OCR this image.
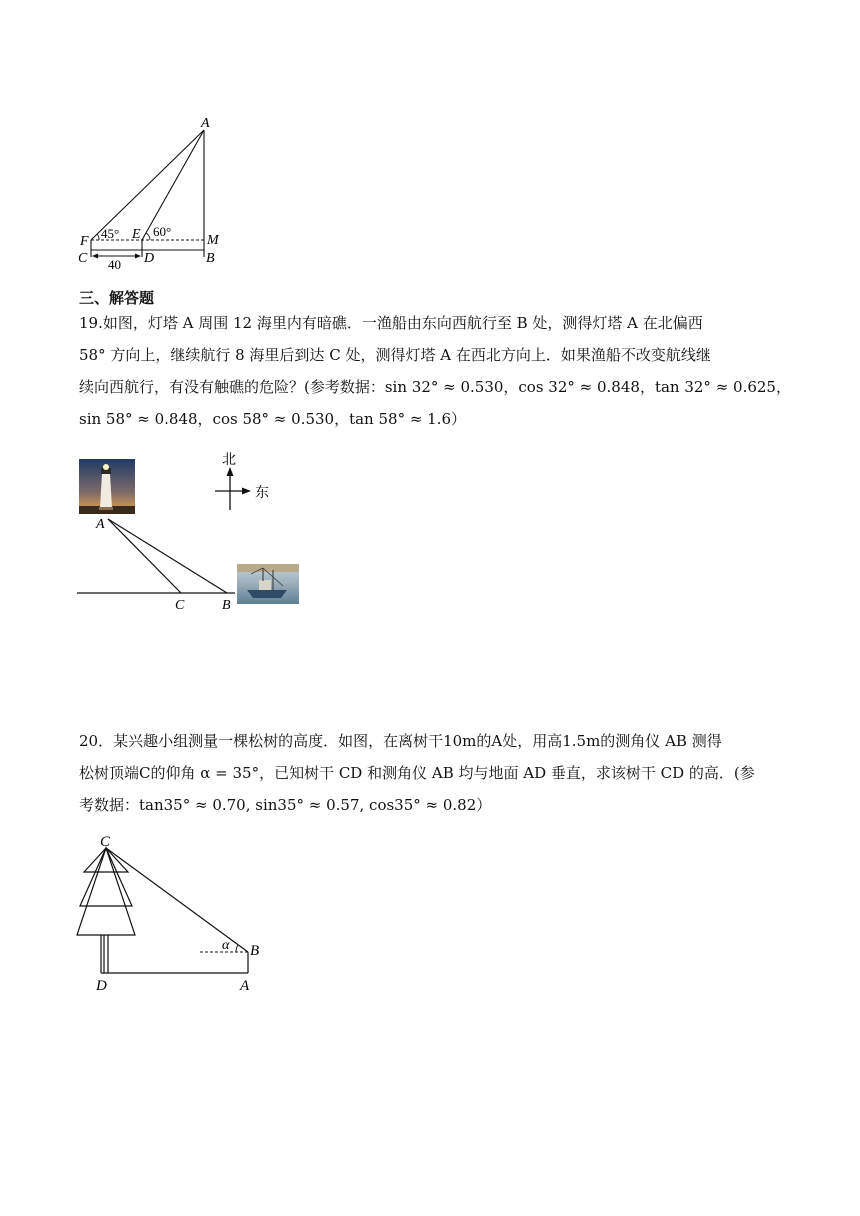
A
F	E	M
C	D	B
45°	60°
40
三、解答题
19.如图，灯塔 A 周围 12 海里内有暗礁．一渔船由东向西航行至 B 处，测得灯塔 A 在北偏西
58° 方向上，继续航行 8 海里后到达 C 处，测得灯塔 A 在西北方向上．如果渔船不改变航线继
续向西航行，有没有触礁的危险？(参考数据：sin 32° ≈ 0.530，cos 32° ≈ 0.848，tan 32° ≈ 0.625，
sin 58° ≈ 0.848，cos 58° ≈ 0.530，tan 58° ≈ 1.6）
北
东
A
C	B
20．某兴趣小组测量一棵松树的高度．如图，在离树干10m的A处，用高1.5m的测角仪 AB 测得
松树顶端C的仰角 α = 35°，已知树干 CD 和测角仪 AB 均与地面 AD 垂直，求该树干 CD 的高．(参
考数据：tan35° ≈ 0.70, sin35° ≈ 0.57, cos35° ≈ 0.82）
α
C
B
D	A
